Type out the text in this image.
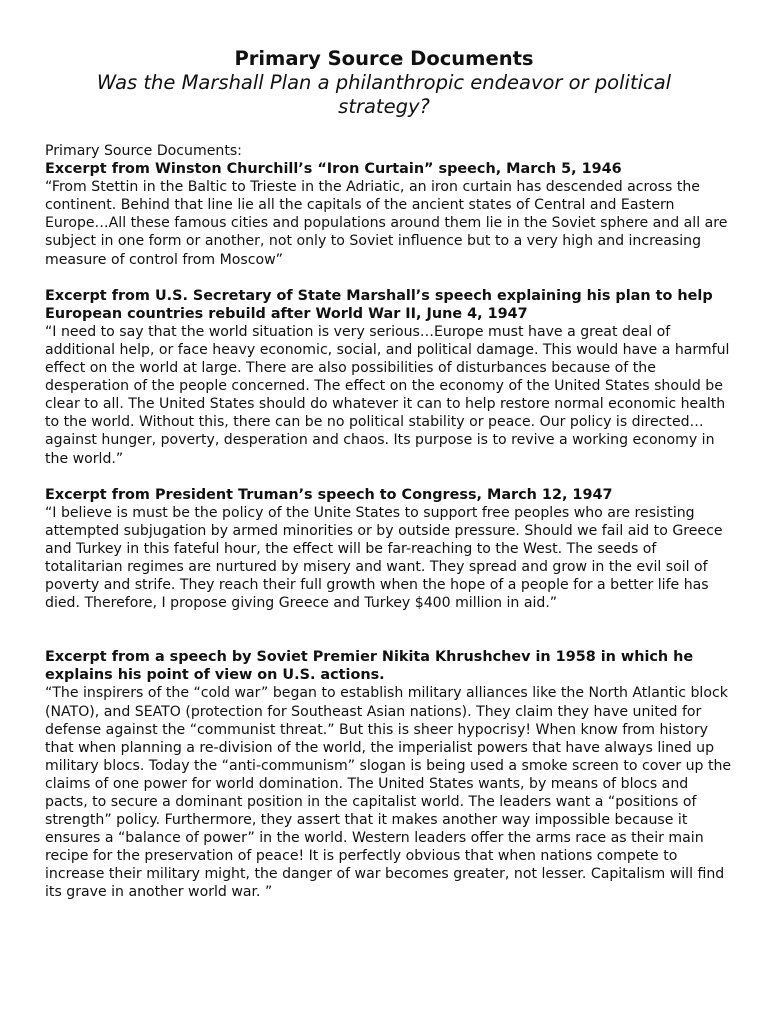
Primary Source Documents
Was the Marshall Plan a philanthropic endeavor or political strategy?

Primary Source Documents:

Excerpt from Winston Churchill’s “Iron Curtain” speech, March 5, 1946

“From Stettin in the Baltic to Trieste in the Adriatic, an iron curtain has descended across the continent. Behind that line lie all the capitals of the ancient states of Central and Eastern Europe…All these famous cities and populations around them lie in the Soviet sphere and all are subject in one form or another, not only to Soviet influence but to a very high and increasing measure of control from Moscow”

Excerpt from U.S. Secretary of State Marshall’s speech explaining his plan to help European countries rebuild after World War II, June 4, 1947

“I need to say that the world situation is very serious…Europe must have a great deal of additional help, or face heavy economic, social, and political damage. This would have a harmful effect on the world at large. There are also possibilities of disturbances because of the desperation of the people concerned. The effect on the economy of the United States should be clear to all. The United States should do whatever it can to help restore normal economic health to the world. Without this, there can be no political stability or peace. Our policy is directed…against hunger, poverty, desperation and chaos. Its purpose is to revive a working economy in the world.”

Excerpt from President Truman’s speech to Congress, March 12, 1947

“I believe is must be the policy of the Unite States to support free peoples who are resisting attempted subjugation by armed minorities or by outside pressure. Should we fail aid to Greece and Turkey in this fateful hour, the effect will be far-reaching to the West. The seeds of totalitarian regimes are nurtured by misery and want. They spread and grow in the evil soil of poverty and strife. They reach their full growth when the hope of a people for a better life has died. Therefore, I propose giving Greece and Turkey $400 million in aid.”

Excerpt from a speech by Soviet Premier Nikita Khrushchev in 1958 in which he explains his point of view on U.S. actions.

“The inspirers of the “cold war” began to establish military alliances like the North Atlantic block (NATO), and SEATO (protection for Southeast Asian nations). They claim they have united for defense against the “communist threat.” But this is sheer hypocrisy! When know from history that when planning a re-division of the world, the imperialist powers that have always lined up military blocs. Today the “anti-communism” slogan is being used a smoke screen to cover up the claims of one power for world domination. The United States wants, by means of blocs and pacts, to secure a dominant position in the capitalist world. The leaders want a “positions of strength” policy. Furthermore, they assert that it makes another way impossible because it ensures a “balance of power” in the world. Western leaders offer the arms race as their main recipe for the preservation of peace! It is perfectly obvious that when nations compete to increase their military might, the danger of war becomes greater, not lesser. Capitalism will find its grave in another world war. ”
